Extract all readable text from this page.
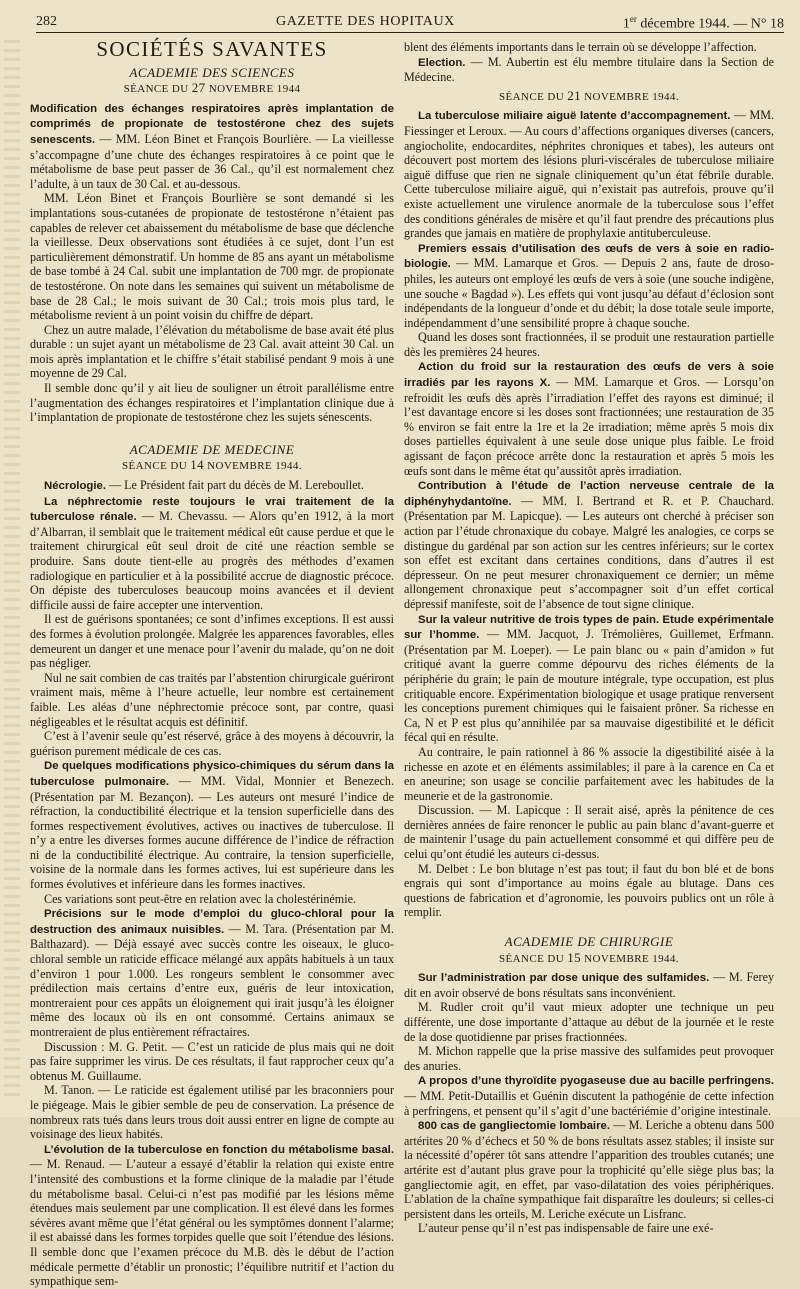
282	GAZETTE DES HOPITAUX	1er décembre 1944. — N° 18
SOCIÉTÉS SAVANTES
ACADEMIE DES SCIENCES
SÉANCE DU 27 NOVEMBRE 1944

Modification des échanges respiratoires après implantation de comprimés de propionate de testostérone chez des sujets senescents. — MM. Léon Binet et François Bourlière. — La vieillesse s’accompagne d’une chute des échanges respiratoires à ce point que le métabolisme de base peut passer de 36 Cal., qu’il est normalement chez l’adulte, à un taux de 30 Cal. et au-dessous.

MM. Léon Binet et François Bourlière se sont demandé si les implantations sous-cutanées de propionate de testostérone n’étaient pas capables de relever cet abaissement du métabolisme de base que déclenche la vieillesse. Deux observations sont étudiées à ce sujet, dont l’un est particulièrement démonstratif. Un homme de 85 ans ayant un métabolisme de base tombé à 24 Cal. subit une implantation de 700 mgr. de propionate de testostérone. On note dans les semaines qui suivent un métabolisme de base de 28 Cal.; le mois suivant de 30 Cal.; trois mois plus tard, le métabolisme revient à un point voisin du chiffre de départ.

Chez un autre malade, l’élévation du métabolisme de base avait été plus durable : un sujet ayant un métabolisme de 23 Cal. avait atteint 30 Cal. un mois après implantation et le chiffre s’était stabilisé pendant 9 mois à une moyenne de 29 Cal.

Il semble donc qu’il y ait lieu de souligner un étroit parallélisme entre l’augmentation des échanges respiratoires et l’implantation clinique due à l’implantation de propionate de testostérone chez les sujets sénescents.

ACADEMIE DE MEDECINE
SÉANCE DU 14 NOVEMBRE 1944.

Nécrologie. — Le Président fait part du décès de M. Lereboullet.

La néphrectomie reste toujours le vrai traitement de la tuberculose rénale. — M. Chevassu. — Alors qu’en 1912, à la mort d’Albarran, il semblait que le traitement médical eût cause perdue et que le traitement chirurgical eût seul droit de cité une réaction semble se produire. Sans doute tient-elle au progrès des méthodes d’examen radiologique en particulier et à la possibilité accrue de diagnostic précoce. On dépiste des tuberculoses beaucoup moins avancées et il devient difficile aussi de faire accepter une intervention.

Il est de guérisons spontanées; ce sont d’infimes exceptions. Il est aussi des formes à évolution prolongée. Malgrée les apparences favorables, elles demeurent un danger et une menace pour l’avenir du malade, qu’on ne doit pas négliger.

Nul ne sait combien de cas traités par l’abstention chirurgicale guériront vraiment mais, même à l’heure actuelle, leur nombre est certainement faible. Les aléas d’une néphrectomie précoce sont, par contre, quasi négligeables et le résultat acquis est définitif.

C’est à l’avenir seule qu’est réservé, grâce à des moyens à découvrir, la guérison purement médicale de ces cas.

De quelques modifications physico-chimiques du sérum dans la tuberculose pulmonaire. — MM. Vidal, Monnier et Benezech. (Présentation par M. Bezançon). — Les auteurs ont mesuré l’indice de réfraction, la conductibilité électrique et la tension superficielle dans des formes respectivement évolutives, actives ou inactives de tuberculose. Il n’y a entre les diverses formes aucune différence de l’indice de réfraction ni de la conductibilité électrique. Au contraire, la tension superficielle, voisine de la normale dans les formes actives, lui est supérieure dans les formes évolutives et inférieure dans les formes inactives.

Ces variations sont peut-être en relation avec la cholestérinémie.

Précisions sur le mode d’emploi du gluco-chloral pour la destruction des animaux nuisibles. — M. Tara. (Présentation par M. Balthazard). — Déjà essayé avec succès contre les oiseaux, le gluco-chloral semble un raticide efficace mélangé aux appâts habituels à un taux d’environ 1 pour 1.000. Les rongeurs semblent le consommer avec prédilection mais certains d’entre eux, guéris de leur intoxication, montreraient pour ces appâts un éloignement qui irait jusqu’à les éloigner même des locaux où ils en ont consommé. Certains animaux se montreraient de plus entièrement réfractaires.

Discussion : M. G. Petit. — C’est un raticide de plus mais qui ne doit pas faire supprimer les virus. De ces résultats, il faut rapprocher ceux qu’a obtenus M. Guillaume.

M. Tanon. — Le raticide est également utilisé par les braconniers pour le piégeage. Mais le gibier semble de peu de conservation. La présence de nombreux rats tués dans leurs trous doit aussi entrer en ligne de compte au voisinage des lieux habités.

L’évolution de la tuberculose en fonction du métabolisme basal. — M. Renaud. — L’auteur a essayé d’établir la relation qui existe entre l’intensité des combustions et la forme clinique de la maladie par l’étude du métabolisme basal. Celui-ci n’est pas modifié par les lésions même étendues mais seulement par une complication. Il est élevé dans les formes sévères avant même que l’état général ou les symptômes donnent l’alarme; il est abaissé dans les formes torpides quelle que soit l’étendue des lésions. Il semble donc que l’examen précoce du M.B. dès le début de l’action médicale permette d’établir un pronostic; l’équilibre nutritif et l’action du sympathique sem-

blent des éléments importants dans le terrain où se développe l’affection.

Election. — M. Aubertin est élu membre titulaire dans la Section de Médecine.

SÉANCE DU 21 NOVEMBRE 1944.

La tuberculose miliaire aiguë latente d’accompagnement. — MM. Fiessinger et Leroux. — Au cours d’affections organiques diverses (cancers, angiocholite, endocardites, néphrites chroniques et tabes), les auteurs ont découvert post mortem des lésions pluri-viscérales de tuberculose miliaire aiguë diffuse que rien ne signale cliniquement qu’un état fébrile durable. Cette tuberculose miliaire aiguë, qui n’existait pas autrefois, prouve qu’il existe actuellement une virulence anormale de la tuberculose sous l’effet des conditions générales de misère et qu’il faut prendre des précautions plus grandes que jamais en matière de prophylaxie antituberculeuse.

Premiers essais d’utilisation des œufs de vers à soie en radio-biologie. — MM. Lamarque et Gros. — Depuis 2 ans, faute de droso-philes, les auteurs ont employé les œufs de vers à soie (une souche indigène, une souche « Bagdad »). Les effets qui vont jusqu’au défaut d’éclosion sont indépendants de la longueur d’onde et du débit; la dose totale seule importe, indépendamment d’une sensibilité propre à chaque souche.

Quand les doses sont fractionnées, il se produit une restauration partielle dès les premières 24 heures.

Action du froid sur la restauration des œufs de vers à soie irradiés par les rayons X. — MM. Lamarque et Gros. — Lorsqu’on refroidit les œufs dès après l’irradiation l’effet des rayons est diminué; il l’est davantage encore si les doses sont fractionnées; une restauration de 35 % environ se fait entre la 1re et la 2e irradiation; même après 5 mois dix doses partielles équivalent à une seule dose unique plus faible. Le froid agissant de façon précoce arrête donc la restauration et après 5 mois les œufs sont dans le même état qu’aussitôt après irradiation.

Contribution à l’étude de l’action nerveuse centrale de la diphényhydantoïne. — MM. I. Bertrand et R. et P. Chauchard. (Présentation par M. Lapicque). — Les auteurs ont cherché à préciser son action par l’étude chronaxique du cobaye. Malgré les analogies, ce corps se distingue du gardénal par son action sur les centres inférieurs; sur le cortex son effet est excitant dans certaines conditions, dans d’autres il est dépresseur. On ne peut mesurer chronaxiquement ce dernier; un même allongement chronaxique peut s’accompagner soit d’un effet cortical dépressif manifeste, soit de l’absence de tout signe clinique.

Sur la valeur nutritive de trois types de pain. Etude expérimentale sur l’homme. — MM. Jacquot, J. Trémolières, Guillemet, Erfmann. (Présentation par M. Loeper). — Le pain blanc ou « pain d’amidon » fut critiqué avant la guerre comme dépourvu des riches éléments de la périphérie du grain; le pain de mouture intégrale, type occupation, est plus critiquable encore. Expérimentation biologique et usage pratique renversent les conceptions purement chimiques qui le faisaient prôner. Sa richesse en Ca, N et P est plus qu’annihilée par sa mauvaise digestibilité et le déficit fécal qui en résulte.

Au contraire, le pain rationnel à 86 % associe la digestibilité aisée à la richesse en azote et en éléments assimilables; il pare à la carence en Ca et en aneurine; son usage se concilie parfaitement avec les habitudes de la meunerie et de la gastronomie.

Discussion. — M. Lapicque : Il serait aisé, après la pénitence de ces dernières années de faire renoncer le public au pain blanc d’avant-guerre et de maintenir l’usage du pain actuellement consommé et qui diffère peu de celui qu’ont étudié les auteurs ci-dessus.

M. Delbet : Le bon blutage n’est pas tout; il faut du bon blé et de bons engrais qui sont d’importance au moins égale au blutage. Dans ces questions de fabrication et d’agronomie, les pouvoirs publics ont un rôle à remplir.

ACADEMIE DE CHIRURGIE
SÉANCE DU 15 NOVEMBRE 1944.

Sur l’administration par dose unique des sulfamides. — M. Ferey dit en avoir observé de bons résultats sans inconvénient.

M. Rudler croit qu’il vaut mieux adopter une technique un peu différente, une dose importante d’attaque au début de la journée et le reste de la dose quotidienne par prises fractionnées.

M. Michon rappelle que la prise massive des sulfamides peut provoquer des anuries.

A propos d’une thyroïdite pyogaseuse due au bacille perfringens. — MM. Petit-Dutaillis et Guénin discutent la pathogénie de cette infection à perfringens, et pensent qu’il s’agit d’une bactériémie d’origine intestinale.

800 cas de gangliectomie lombaire. — M. Leriche a obtenu dans 500 artérites 20 % d’échecs et 50 % de bons résultats assez stables; il insiste sur la nécessité d’opérer tôt sans attendre l’apparition des troubles cutanés; une artérite est d’autant plus grave pour la trophicité qu’elle siège plus bas; la gangliectomie agit, en effet, par vaso-dilatation des voies périphériques. L’ablation de la chaîne sympathique fait disparaître les douleurs; si celles-ci persistent dans les orteils, M. Leriche exécute un Lisfranc.

L’auteur pense qu’il n’est pas indispensable de faire une exé-
